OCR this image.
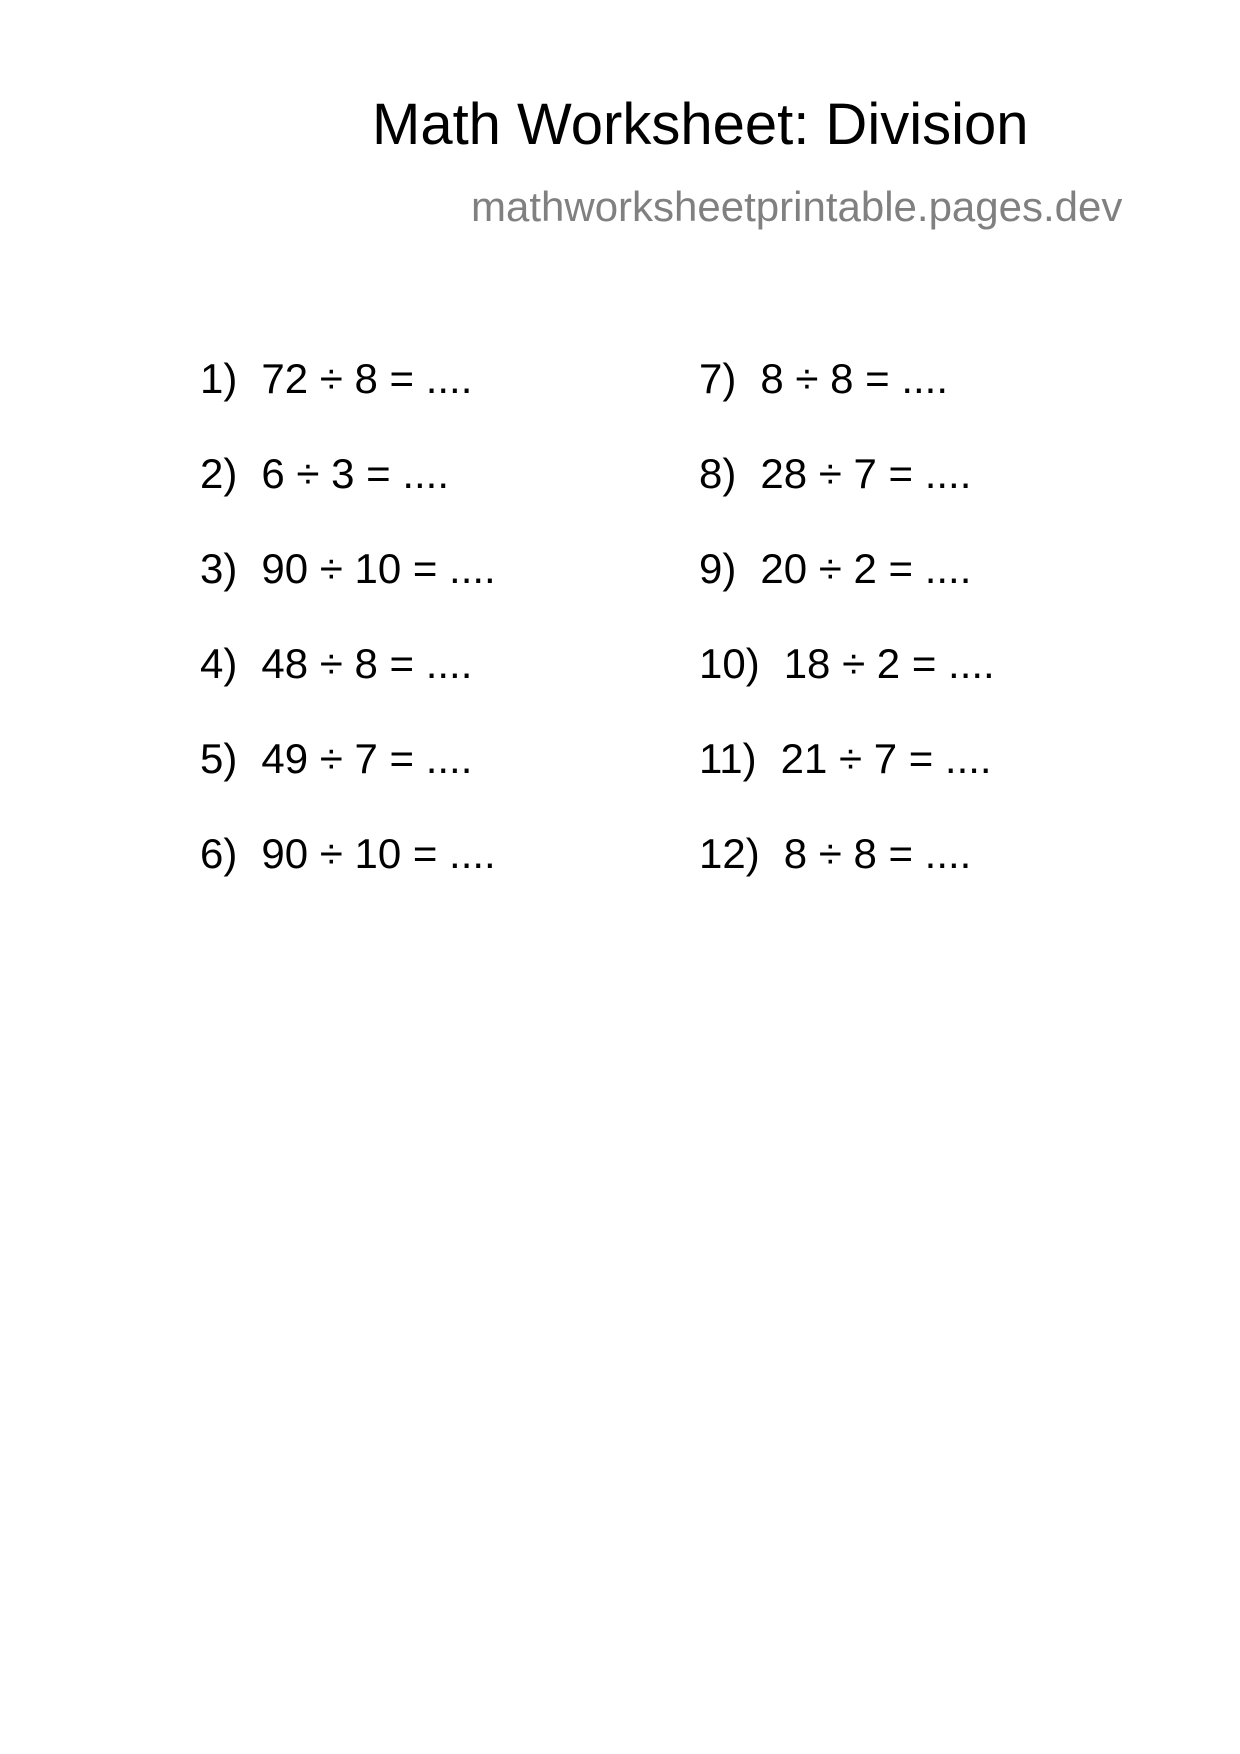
Math Worksheet: Division
mathworksheetprintable.pages.dev
1) 72 ÷ 8 = ....
2) 6 ÷ 3 = ....
3) 90 ÷ 10 = ....
4) 48 ÷ 8 = ....
5) 49 ÷ 7 = ....
6) 90 ÷ 10 = ....
7) 8 ÷ 8 = ....
8) 28 ÷ 7 = ....
9) 20 ÷ 2 = ....
10) 18 ÷ 2 = ....
11) 21 ÷ 7 = ....
12) 8 ÷ 8 = ....
